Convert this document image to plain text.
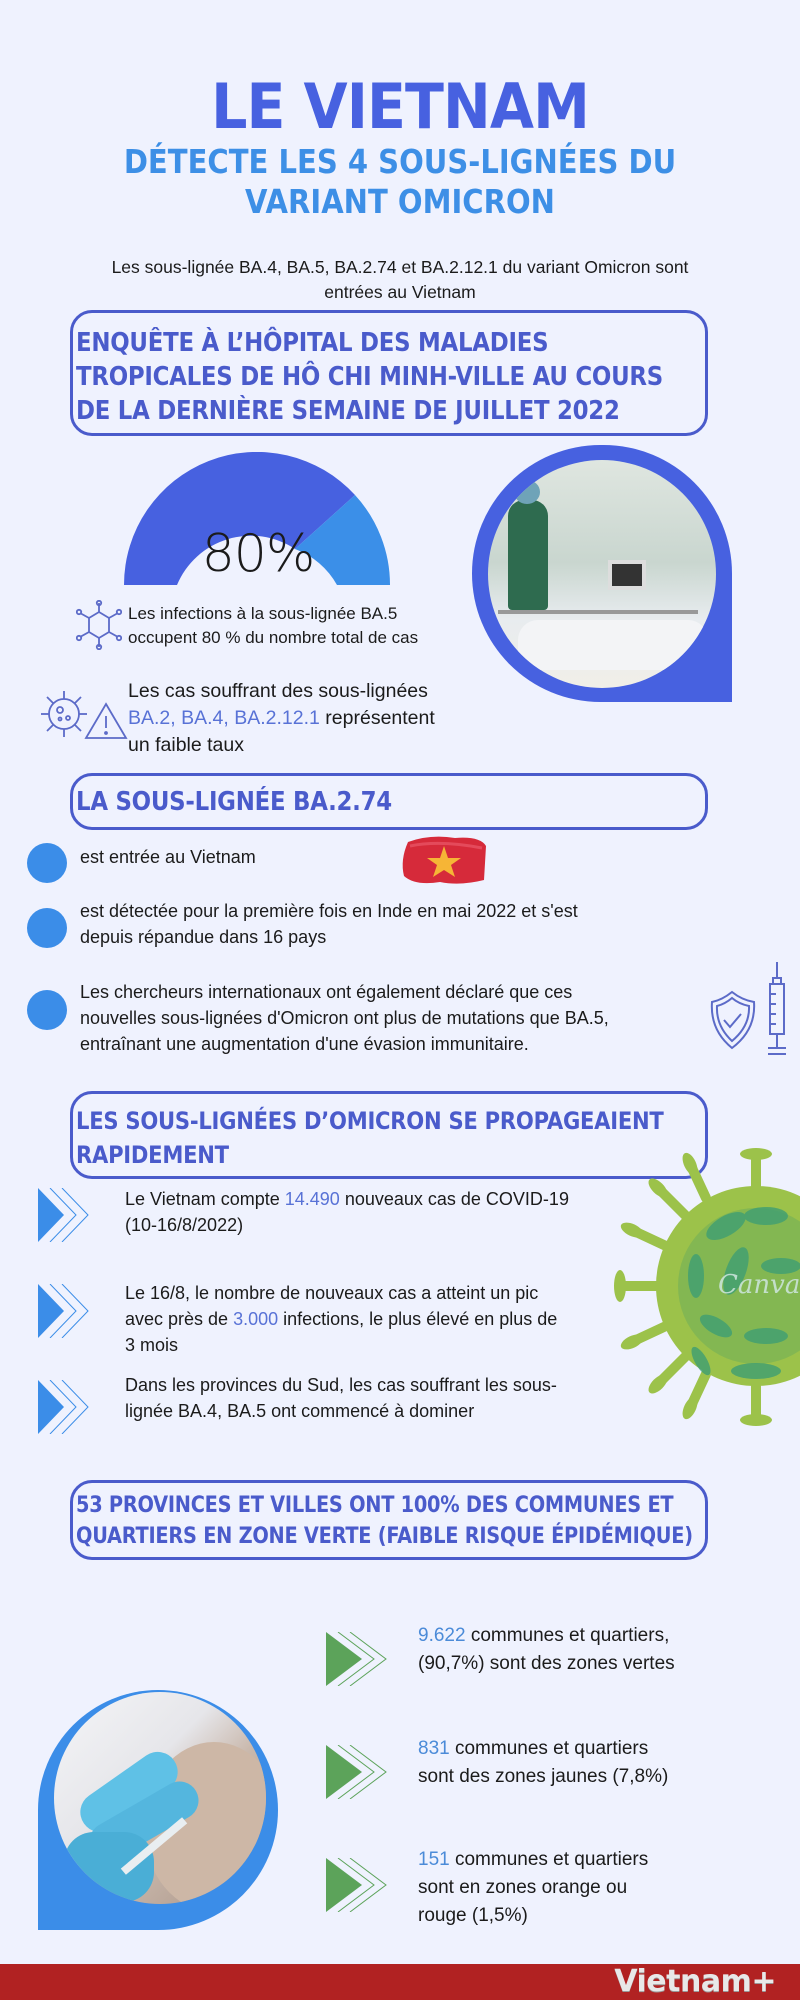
LE VIETNAM
DÉTECTE LES 4 SOUS-LIGNÉES DU
VARIANT OMICRON
Les sous-lignée BA.4, BA.5, BA.2.74 et BA.2.12.1 du variant Omicron sont
entrées au Vietnam
ENQUÊTE À L’HÔPITAL DES MALADIES
TROPICALES DE HÔ CHI MINH-VILLE AU COURS
DE LA DERNIÈRE SEMAINE DE JUILLET 2022
80%
Les infections à la sous-lignée BA.5
occupent 80 % du nombre total de cas
Les cas souffrant des sous-lignées
BA.2, BA.4, BA.2.12.1 représentent
un faible taux
LA SOUS-LIGNÉE BA.2.74
est entrée au Vietnam
est détectée pour la première fois en Inde en mai 2022 et s'est
depuis répandue dans 16 pays
Les chercheurs internationaux ont également déclaré que ces
nouvelles sous-lignées d'Omicron ont plus de mutations que BA.5,
entraînant une augmentation d'une évasion immunitaire.
LES SOUS-LIGNÉES D’OMICRON SE PROPAGEAIENT
RAPIDEMENT
Canva
Le Vietnam compte 14.490 nouveaux cas de COVID-19
(10-16/8/2022)
Le 16/8, le nombre de nouveaux cas a atteint un pic
avec près de 3.000 infections, le plus élevé en plus de
3 mois
Dans les provinces du Sud, les cas souffrant les sous-
lignée BA.4, BA.5 ont commencé à dominer
53 PROVINCES ET VILLES ONT 100% DES COMMUNES ET
QUARTIERS EN ZONE VERTE (FAIBLE RISQUE ÉPIDÉMIQUE)
9.622 communes et quartiers,
(90,7%) sont des zones vertes
831 communes et quartiers
sont des zones jaunes (7,8%)
151 communes et quartiers
sont en zones orange ou
rouge (1,5%)
Vietnam+
